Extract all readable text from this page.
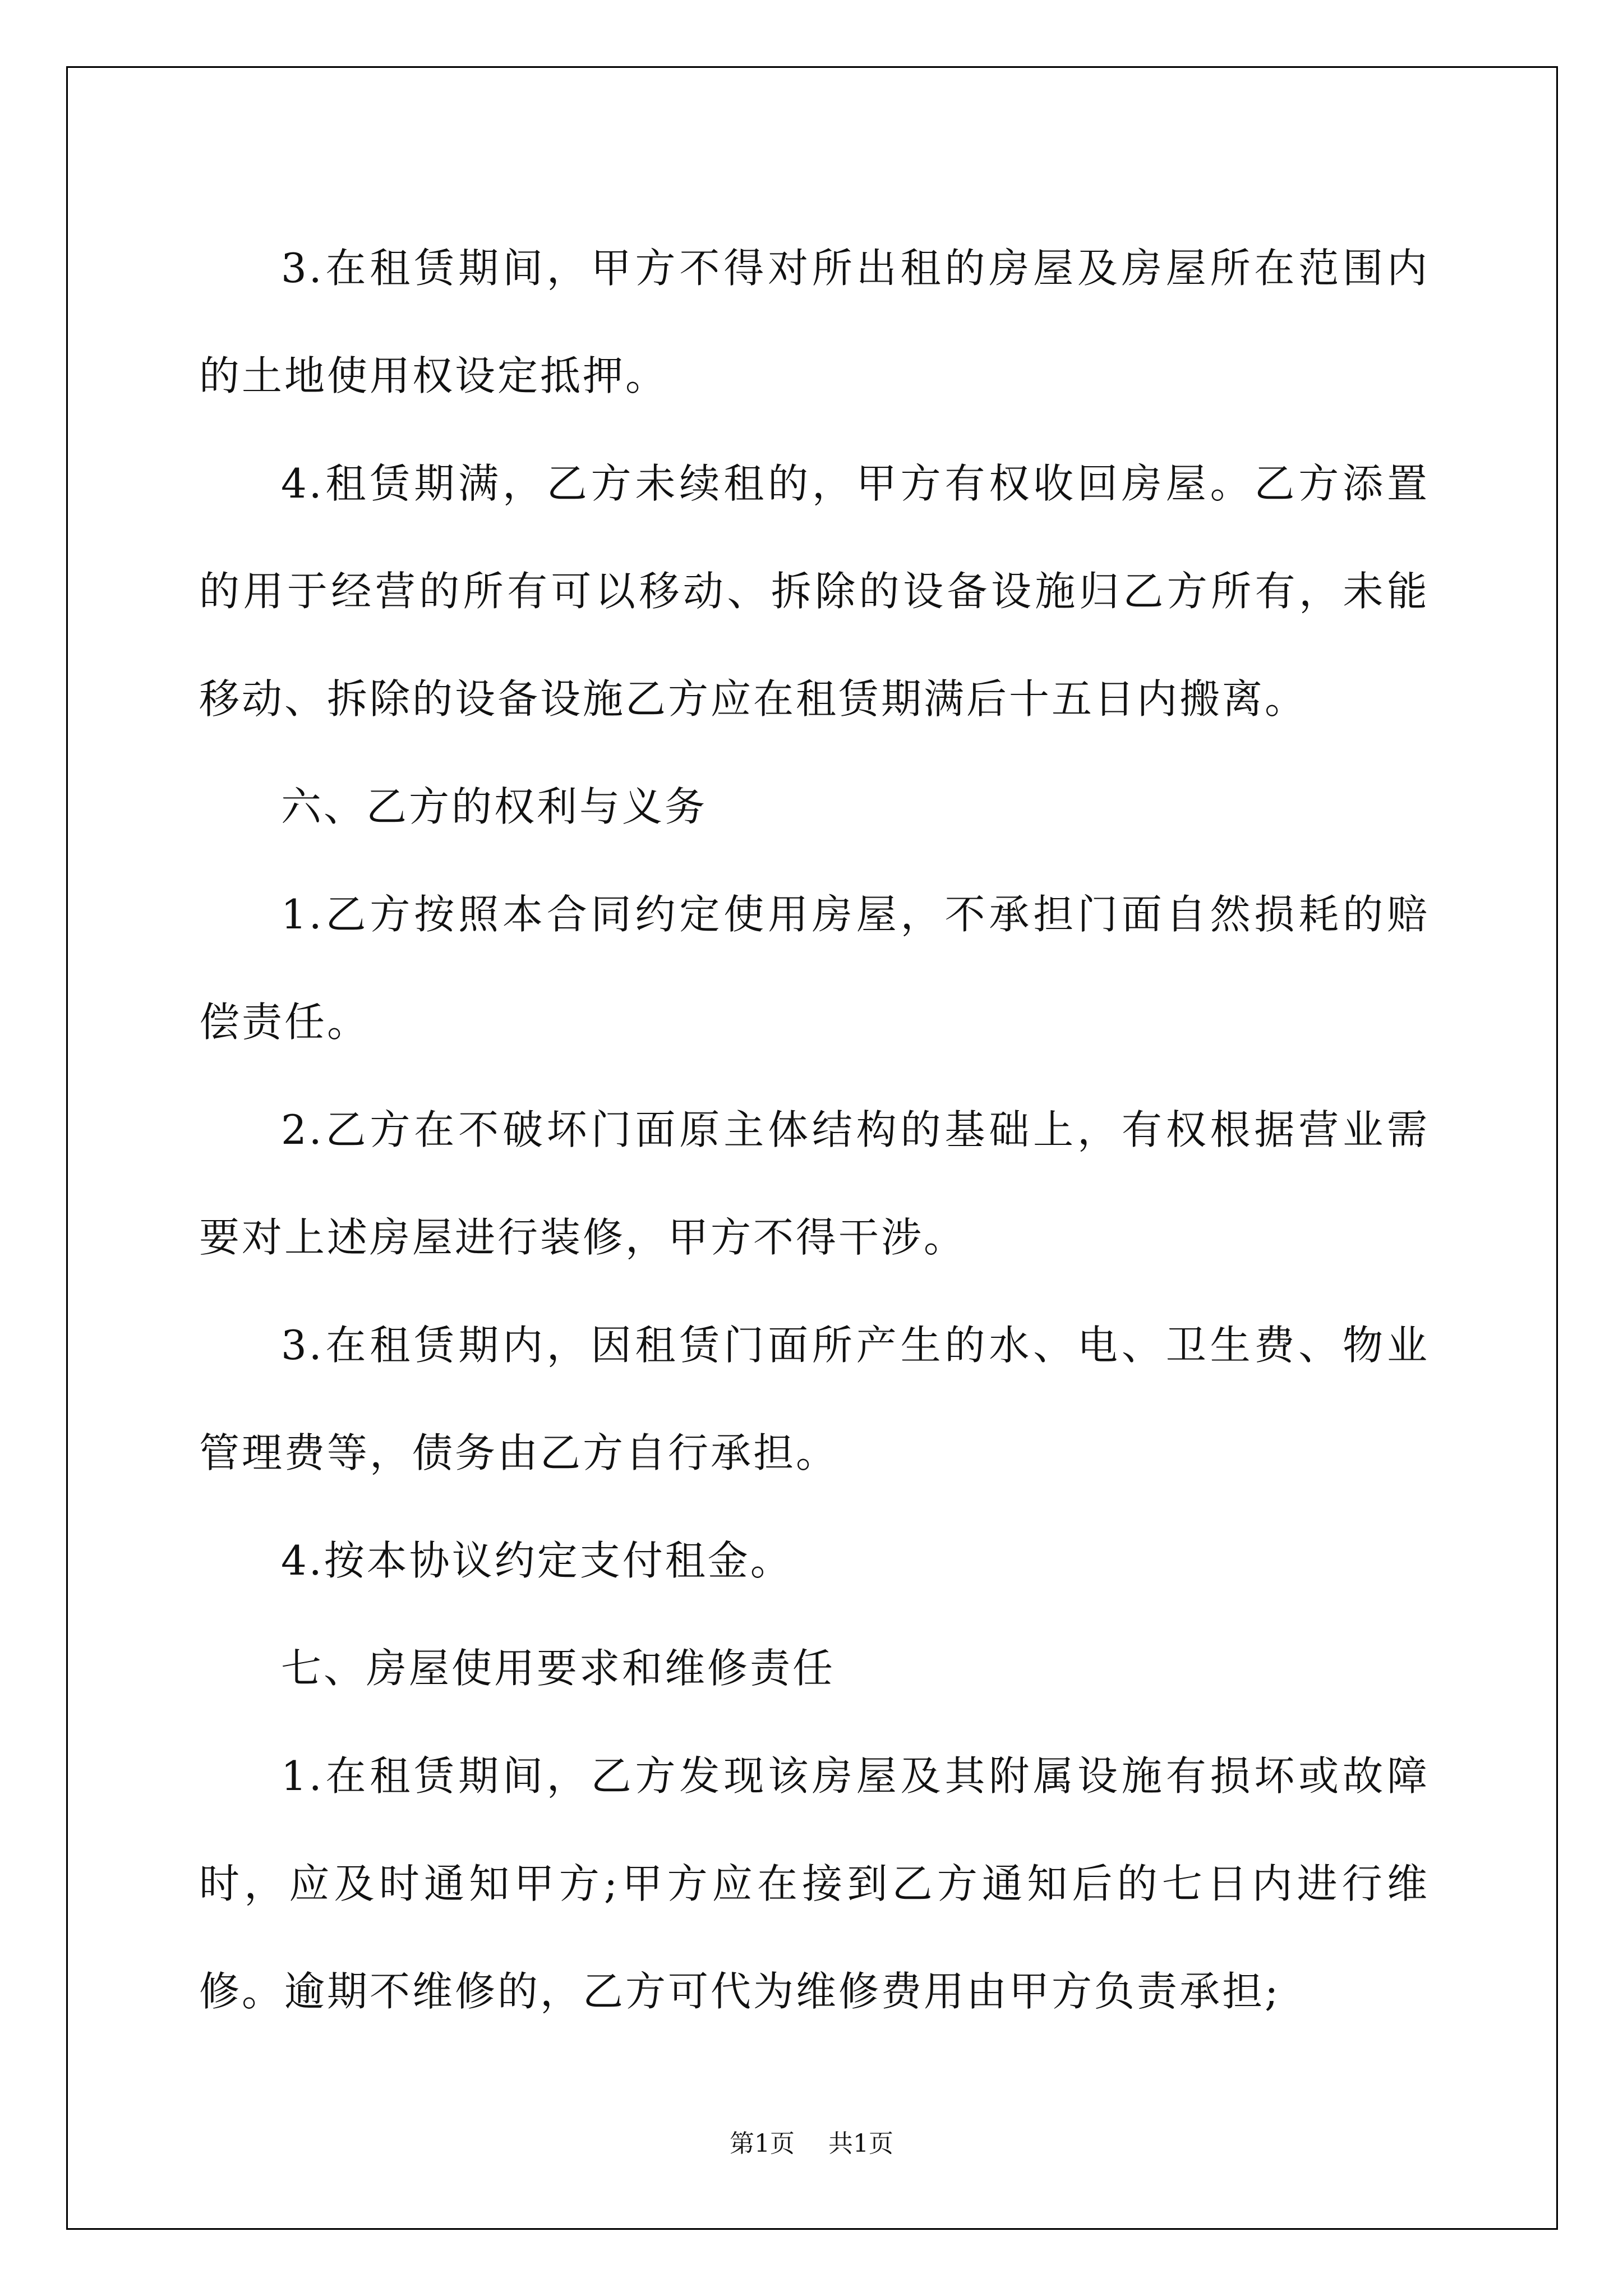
3.在租赁期间，甲方不得对所出租的房屋及房屋所在范围内的土地使用权设定抵押。

4.租赁期满，乙方未续租的，甲方有权收回房屋。乙方添置的用于经营的所有可以移动、拆除的设备设施归乙方所有，未能移动、拆除的设备设施乙方应在租赁期满后十五日内搬离。

六、乙方的权利与义务

1.乙方按照本合同约定使用房屋，不承担门面自然损耗的赔偿责任。

2.乙方在不破坏门面原主体结构的基础上，有权根据营业需要对上述房屋进行装修，甲方不得干涉。

3.在租赁期内，因租赁门面所产生的水、电、卫生费、物业管理费等，债务由乙方自行承担。

4.按本协议约定支付租金。

七、房屋使用要求和维修责任

1.在租赁期间，乙方发现该房屋及其附属设施有损坏或故障时，应及时通知甲方;甲方应在接到乙方通知后的七日内进行维修。逾期不维修的，乙方可代为维修费用由甲方负责承担;

第1页 共1页
